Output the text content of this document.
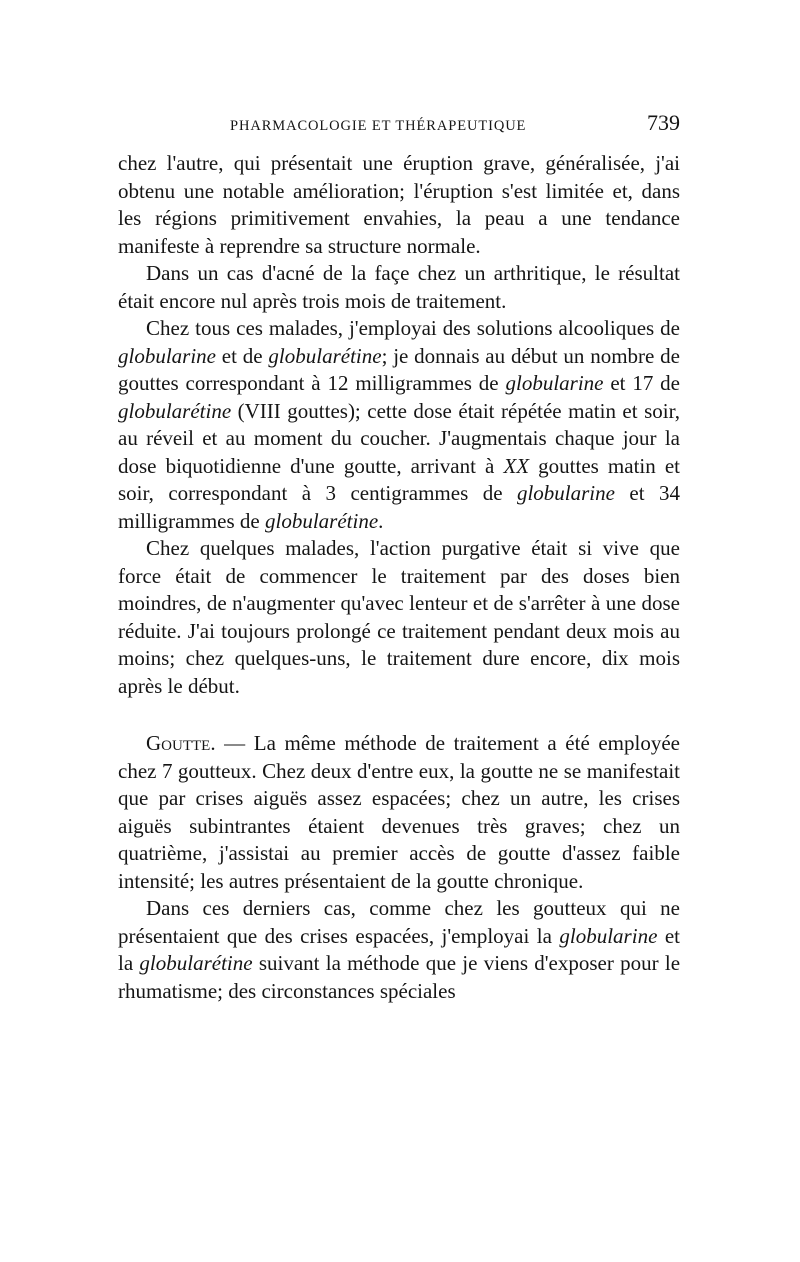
PHARMACOLOGIE ET THÉRAPEUTIQUE	739

chez l'autre, qui présentait une éruption grave, généralisée, j'ai obtenu une notable amélioration; l'éruption s'est limitée et, dans les régions primitivement envahies, la peau a une tendance manifeste à reprendre sa structure normale.

Dans un cas d'acné de la façe chez un arthritique, le résultat était encore nul après trois mois de traitement.

Chez tous ces malades, j'employai des solutions alcooliques de globularine et de globularétine; je donnais au début un nombre de gouttes correspondant à 12 milligrammes de globularine et 17 de globularétine (VIII gouttes); cette dose était répétée matin et soir, au réveil et au moment du coucher. J'augmentais chaque jour la dose biquotidienne d'une goutte, arrivant à XX gouttes matin et soir, correspondant à 3 centigrammes de globularine et 34 milligrammes de globularétine.

Chez quelques malades, l'action purgative était si vive que force était de commencer le traitement par des doses bien moindres, de n'augmenter qu'avec lenteur et de s'arrêter à une dose réduite. J'ai toujours prolongé ce traitement pendant deux mois au moins; chez quelques-uns, le traitement dure encore, dix mois après le début.

Goutte. — La même méthode de traitement a été employée chez 7 goutteux. Chez deux d'entre eux, la goutte ne se manifestait que par crises aiguës assez espacées; chez un autre, les crises aiguës subintrantes étaient devenues très graves; chez un quatrième, j'assistai au premier accès de goutte d'assez faible intensité; les autres présentaient de la goutte chronique.

Dans ces derniers cas, comme chez les goutteux qui ne présentaient que des crises espacées, j'employai la globularine et la globularétine suivant la méthode que je viens d'exposer pour le rhumatisme; des circonstances spéciales
